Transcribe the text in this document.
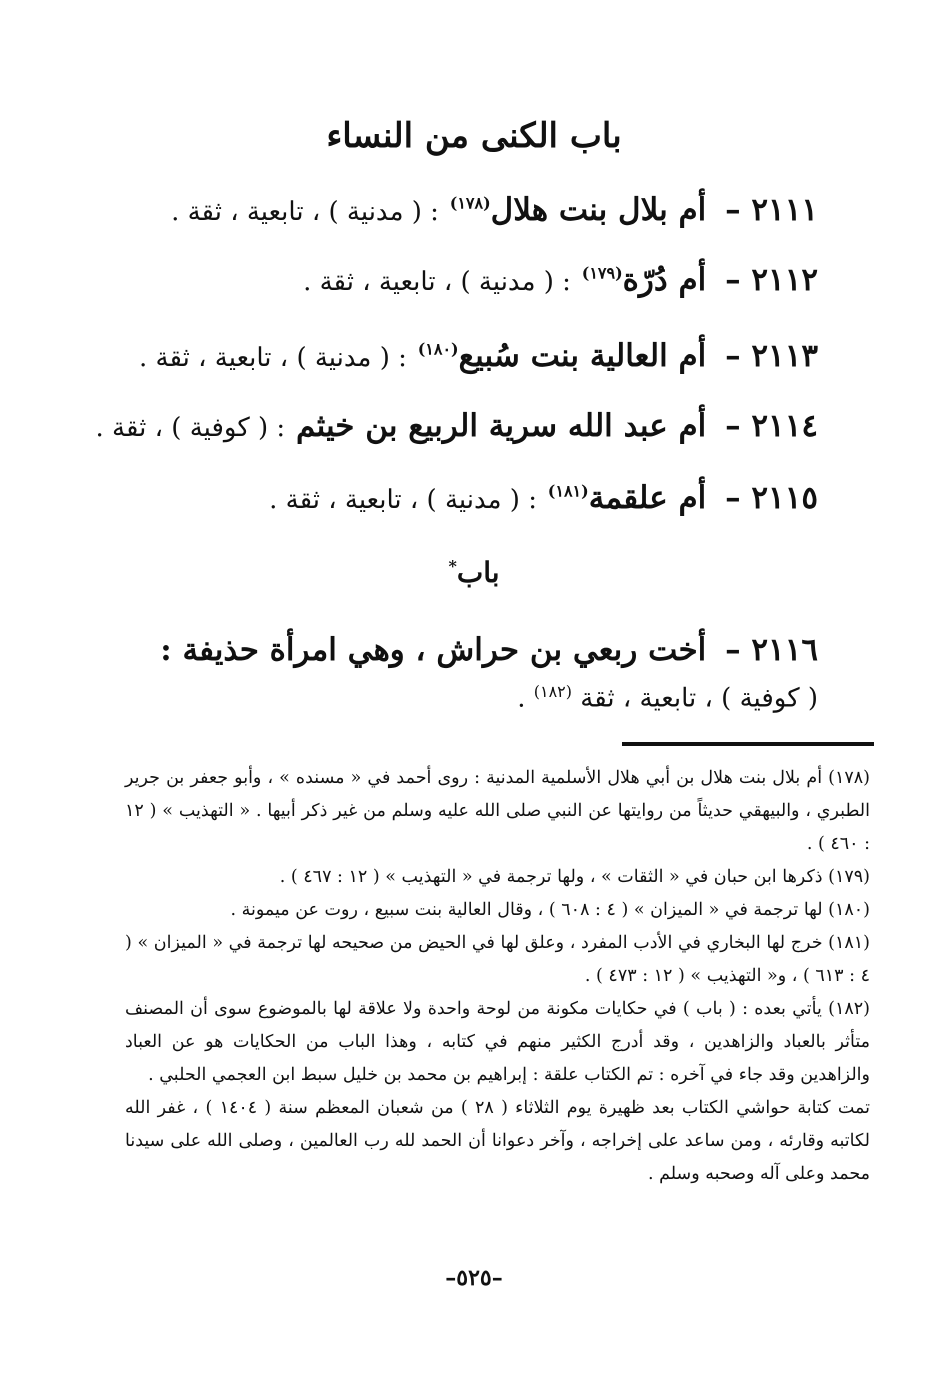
باب الكنى من النساء
٢١١١ – أم بلال بنت هلال$^{(١٧٨)}$ : ( مدنية ) ، تابعية ، ثقة .
٢١١٢ – أم دُرّة$^{(١٧٩)}$ : ( مدنية ) ، تابعية ، ثقة .
٢١١٣ – أم العالية بنت سُبيع$^{(١٨٠)}$ : ( مدنية ) ، تابعية ، ثقة .
٢١١٤ – أم عبد الله سرية الربيع بن خيثم : ( كوفية ) ، ثقة .
٢١١٥ – أم علقمة$^{(١٨١)}$ : ( مدنية ) ، تابعية ، ثقة .
باب*
٢١١٦ – أخت ربعي بن حراش ، وهي امرأة حذيفة :
( كوفية ) ، تابعية ، ثقة $^{(١٨٢)}$ .

(١٧٨) أم بلال بنت هلال بن أبي هلال الأسلمية المدنية : روى أحمد في « مسنده » ، وأبو جعفر بن جرير الطبري ، والبيهقي حديثاً من روايتها عن النبي صلى الله عليه وسلم من غير ذكر أبيها . « التهذيب » ( ١٢ : ٤٦٠ ) .

(١٧٩) ذكرها ابن حبان في « الثقات » ، ولها ترجمة في « التهذيب » ( ١٢ : ٤٦٧ ) .

(١٨٠) لها ترجمة في « الميزان » ( ٤ : ٦٠٨ ) ، وقال العالية بنت سبيع ، روت عن ميمونة .

(١٨١) خرج لها البخاري في الأدب المفرد ، وعلق لها في الحيض من صحيحه لها ترجمة في « الميزان » ( ٤ : ٦١٣ ) ، و« التهذيب » ( ١٢ : ٤٧٣ ) .

(١٨٢) يأتي بعده : ( باب ) في حكايات مكونة من لوحة واحدة ولا علاقة لها بالموضوع سوى أن المصنف متأثر بالعباد والزاهدين ، وقد أدرج الكثير منهم في كتابه ، وهذا الباب من الحكايات هو عن العباد والزاهدين وقد جاء في آخره : تم الكتاب علقة : إبراهيم بن محمد بن خليل سبط ابن العجمي الحلبي .

تمت كتابة حواشي الكتاب بعد ظهيرة يوم الثلاثاء ( ٢٨ ) من شعبان المعظم سنة ( ١٤٠٤ ) ، غفر الله لكاتبه وقارئه ، ومن ساعد على إخراجه ، وآخر دعوانا أن الحمد لله رب العالمين ، وصلى الله على سيدنا محمد وعلى آله وصحبه وسلم .

–٥٢٥–
